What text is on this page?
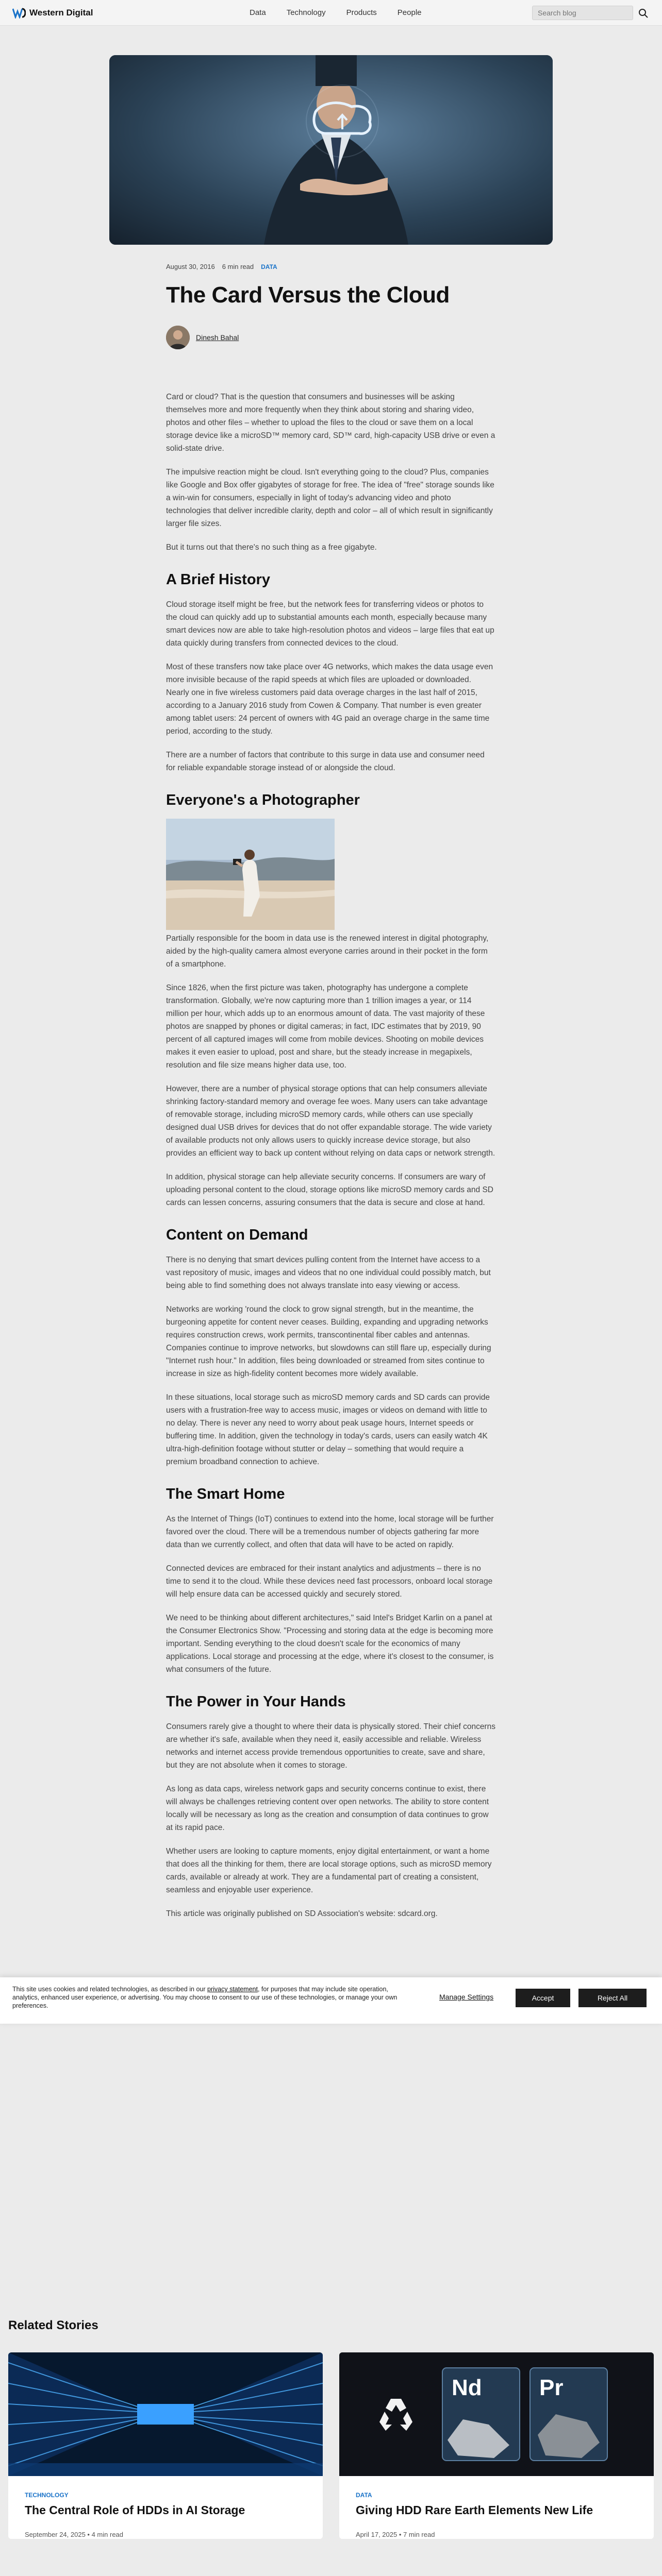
Western Digital	Data	Technology	Products	People
Search blog
August 30, 2016 6 min read DATA
The Card Versus the Cloud
Dinesh Bahal

Card or cloud? That is the question that consumers and businesses will be asking themselves more and more frequently when they think about storing and sharing video, photos and other files – whether to upload the files to the cloud or save them on a local storage device like a microSD™ memory card, SD™ card, high-capacity USB drive or even a solid-state drive.

The impulsive reaction might be cloud. Isn't everything going to the cloud? Plus, companies like Google and Box offer gigabytes of storage for free. The idea of "free" storage sounds like a win-win for consumers, especially in light of today's advancing video and photo technologies that deliver incredible clarity, depth and color – all of which result in significantly larger file sizes.

But it turns out that there's no such thing as a free gigabyte.

A Brief History

Cloud storage itself might be free, but the network fees for transferring videos or photos to the cloud can quickly add up to substantial amounts each month, especially because many smart devices now are able to take high-resolution photos and videos – large files that eat up data quickly during transfers from connected devices to the cloud.

Most of these transfers now take place over 4G networks, which makes the data usage even more invisible because of the rapid speeds at which files are uploaded or downloaded. Nearly one in five wireless customers paid data overage charges in the last half of 2015, according to a January 2016 study from Cowen & Company. That number is even greater among tablet users: 24 percent of owners with 4G paid an overage charge in the same time period, according to the study.

There are a number of factors that contribute to this surge in data use and consumer need for reliable expandable storage instead of or alongside the cloud.

Everyone's a Photographer

Partially responsible for the boom in data use is the renewed interest in digital photography, aided by the high-quality camera almost everyone carries around in their pocket in the form of a smartphone.

Since 1826, when the first picture was taken, photography has undergone a complete transformation. Globally, we're now capturing more than 1 trillion images a year, or 114 million per hour, which adds up to an enormous amount of data. The vast majority of these photos are snapped by phones or digital cameras; in fact, IDC estimates that by 2019, 90 percent of all captured images will come from mobile devices. Shooting on mobile devices makes it even easier to upload, post and share, but the steady increase in megapixels, resolution and file size means higher data use, too.

However, there are a number of physical storage options that can help consumers alleviate shrinking factory-standard memory and overage fee woes. Many users can take advantage of removable storage, including microSD memory cards, while others can use specially designed dual USB drives for devices that do not offer expandable storage. The wide variety of available products not only allows users to quickly increase device storage, but also provides an efficient way to back up content without relying on data caps or network strength.

In addition, physical storage can help alleviate security concerns. If consumers are wary of uploading personal content to the cloud, storage options like microSD memory cards and SD cards can lessen concerns, assuring consumers that the data is secure and close at hand.

Content on Demand

There is no denying that smart devices pulling content from the Internet have access to a vast repository of music, images and videos that no one individual could possibly match, but being able to find something does not always translate into easy viewing or access.

Networks are working 'round the clock to grow signal strength, but in the meantime, the burgeoning appetite for content never ceases. Building, expanding and upgrading networks requires construction crews, work permits, transcontinental fiber cables and antennas. Companies continue to improve networks, but slowdowns can still flare up, especially during "Internet rush hour." In addition, files being downloaded or streamed from sites continue to increase in size as high-fidelity content becomes more widely available.

In these situations, local storage such as microSD memory cards and SD cards can provide users with a frustration-free way to access music, images or videos on demand with little to no delay. There is never any need to worry about peak usage hours, Internet speeds or buffering time. In addition, given the technology in today's cards, users can easily watch 4K ultra-high-definition footage without stutter or delay – something that would require a premium broadband connection to achieve.

The Smart Home

As the Internet of Things (IoT) continues to extend into the home, local storage will be further favored over the cloud. There will be a tremendous number of objects gathering far more data than we currently collect, and often that data will have to be acted on rapidly.

Connected devices are embraced for their instant analytics and adjustments – there is no time to send it to the cloud. While these devices need fast processors, onboard local storage will help ensure data can be accessed quickly and securely stored.

We need to be thinking about different architectures," said Intel's Bridget Karlin on a panel at the Consumer Electronics Show. "Processing and storing data at the edge is becoming more important. Sending everything to the cloud doesn't scale for the economics of many applications. Local storage and processing at the edge, where it's closest to the consumer, is what consumers of the future.

The Power in Your Hands

Consumers rarely give a thought to where their data is physically stored. Their chief concerns are whether it's safe, available when they need it, easily accessible and reliable. Wireless networks and internet access provide tremendous opportunities to create, save and share, but they are not absolute when it comes to storage.

As long as data caps, wireless network gaps and security concerns continue to exist, there will always be challenges retrieving content over open networks. The ability to store content locally will be necessary as long as the creation and consumption of data continues to grow at its rapid pace.

Whether users are looking to capture moments, enjoy digital entertainment, or want a home that does all the thinking for them, there are local storage options, such as microSD memory cards, available or already at work. They are a fundamental part of creating a consistent, seamless and enjoyable user experience.

This article was originally published on SD Association's website: sdcard.org.

This site uses cookies and related technologies, as described in our privacy statement, for purposes that may include site operation, analytics, enhanced user experience, or advertising. You may choose to consent to our use of these technologies, or manage your own preferences.

Manage Settings	Accept	Reject All
Related Stories
TECHNOLOGY
The Central Role of HDDs in AI Storage
September 24, 2025 • 4 min read
Nd	Pr
DATA
Giving HDD Rare Earth Elements New Life
April 17, 2025 • 7 min read
